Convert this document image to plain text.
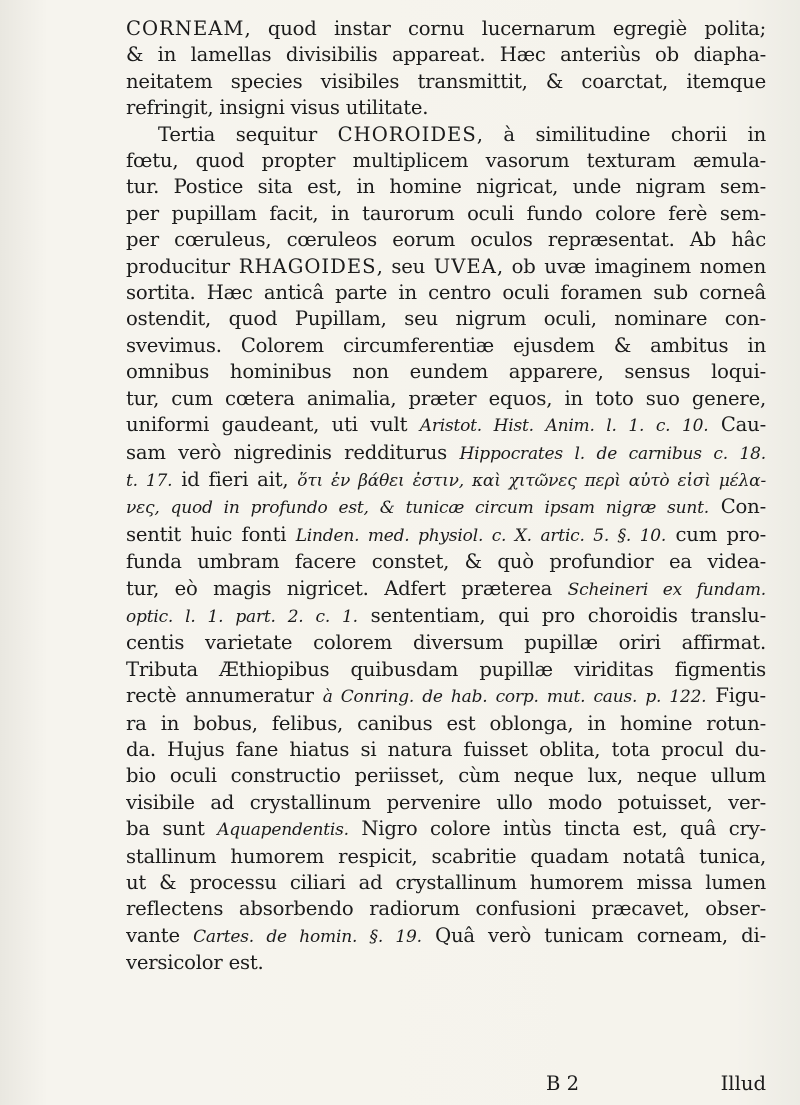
CORNEAM, quod instar cornu lucernarum egregiè polita;
& in lamellas divisibilis appareat. Hæc anteriùs ob diapha-
neitatem species visibiles transmittit, & coarctat, itemque
refringit, insigni visus utilitate.
Tertia sequitur CHOROIDES, à similitudine chorii in
fœtu, quod propter multiplicem vasorum texturam æmula-
tur. Postice sita est, in homine nigricat, unde nigram sem-
per pupillam facit, in taurorum oculi fundo colore ferè sem-
per cœruleus, cœruleos eorum oculos repræsentat. Ab hâc
producitur RHAGOIDES, seu UVEA, ob uvæ imaginem nomen
sortita. Hæc anticâ parte in centro oculi foramen sub corneâ
ostendit, quod Pupillam, seu nigrum oculi, nominare con-
svevimus. Colorem circumferentiæ ejusdem & ambitus in
omnibus hominibus non eundem apparere, sensus loqui-
tur, cum cœtera animalia, præter equos, in toto suo genere,
uniformi gaudeant, uti vult Aristot. Hist. Anim. l. 1. c. 10. Cau-
sam verò nigredinis redditurus Hippocrates l. de carnibus c. 18.
t. 17. id fieri ait, ὅτι ἐν βάθει ἐστιν, καὶ χιτῶνες περὶ αὐτὸ εἰσὶ μέλα-
νες, quod in profundo est, & tunicæ circum ipsam nigræ sunt. Con-
sentit huic fonti Linden. med. physiol. c. X. artic. 5. §. 10. cum pro-
funda umbram facere constet, & quò profundior ea videa-
tur, eò magis nigricet. Adfert præterea Scheineri ex fundam.
optic. l. 1. part. 2. c. 1. sententiam, qui pro choroidis translu-
centis varietate colorem diversum pupillæ oriri affirmat.
Tributa Æthiopibus quibusdam pupillæ viriditas figmentis
rectè annumeratur à Conring. de hab. corp. mut. caus. p. 122. Figu-
ra in bobus, felibus, canibus est oblonga, in homine rotun-
da. Hujus fane hiatus si natura fuisset oblita, tota procul du-
bio oculi constructio periisset, cùm neque lux, neque ullum
visibile ad crystallinum pervenire ullo modo potuisset, ver-
ba sunt Aquapendentis. Nigro colore intùs tincta est, quâ cry-
stallinum humorem respicit, scabritie quadam notatâ tunica,
ut & processu ciliari ad crystallinum humorem missa lumen
reflectens absorbendo radiorum confusioni præcavet, obser-
vante Cartes. de homin. §. 19. Quâ verò tunicam corneam, di-
versicolor est.
B 2	Illud
